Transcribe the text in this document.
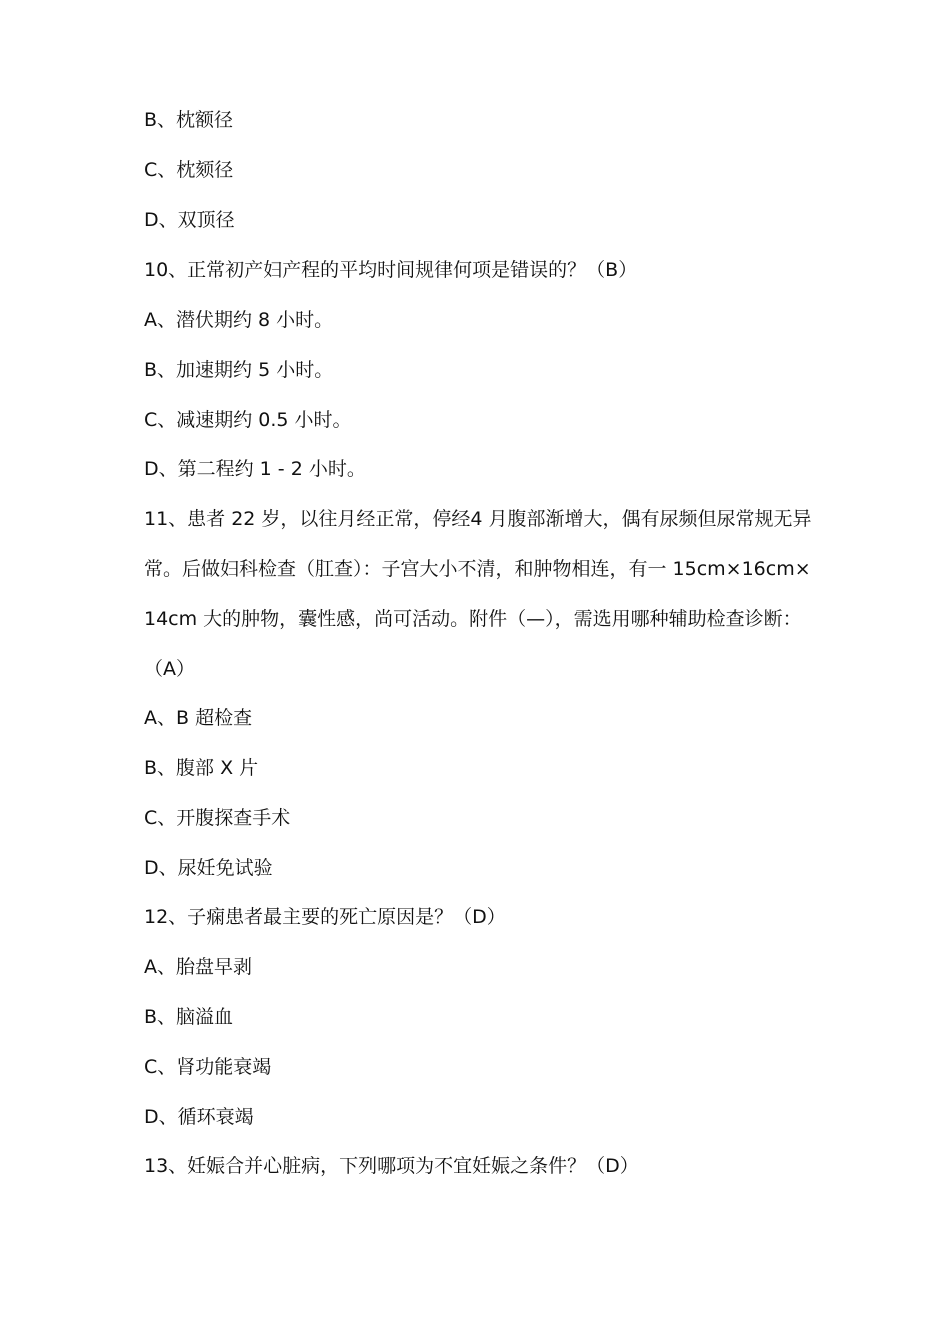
B、枕额径
C、枕颏径
D、双顶径
10、正常初产妇产程的平均时间规律何项是错误的？（B）
A、潜伏期约 8 小时。
B、加速期约 5 小时。
C、减速期约 0.5 小时。
D、第二程约 1 - 2 小时。
11、患者 22 岁，以往月经正常，停经4 月腹部渐增大，偶有尿频但尿常规无异
常。后做妇科检查（肛查）：子宫大小不清，和肿物相连，有一 15cm×16cm×
14cm 大的肿物，囊性感，尚可活动。附件（—），需选用哪种辅助检查诊断：
（A）
A、B 超检查
B、腹部 X 片
C、开腹探查手术
D、尿妊免试验
12、子痫患者最主要的死亡原因是？（D）
A、胎盘早剥
B、脑溢血
C、肾功能衰竭
D、循环衰竭
13、妊娠合并心脏病，下列哪项为不宜妊娠之条件？（D）
